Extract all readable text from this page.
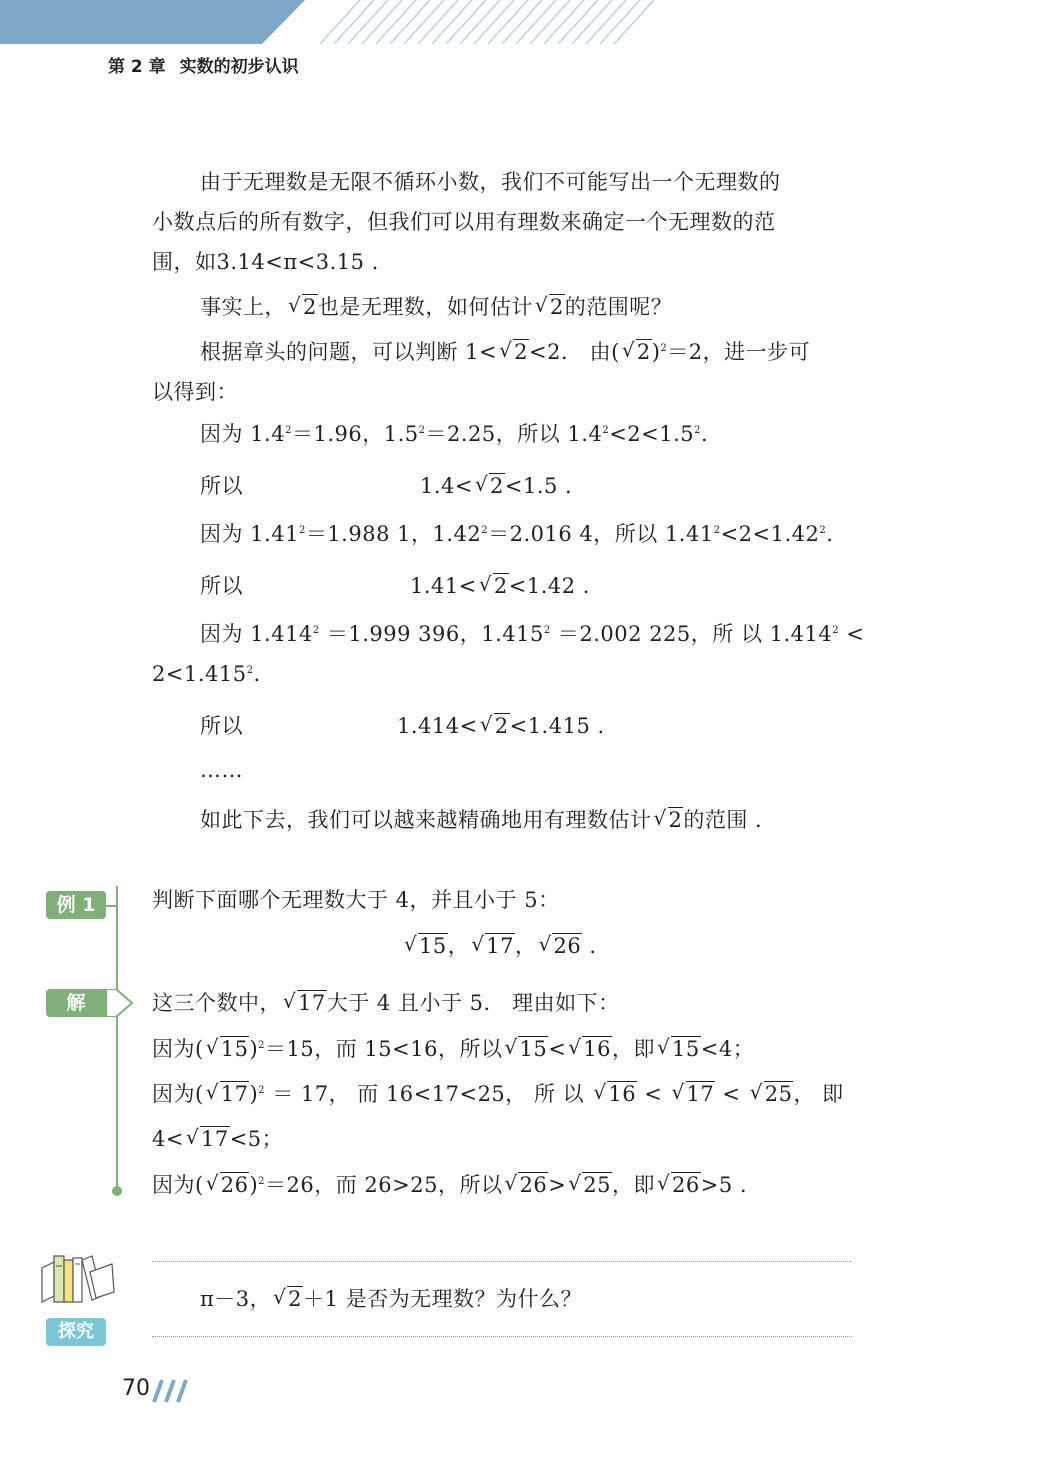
第 2 章 实数的初步认识
由于无理数是无限不循环小数，我们不可能写出一个无理数的
小数点后的所有数字，但我们可以用有理数来确定一个无理数的范
围，如3.14<π<3.15 .
事实上， √ 2也是无理数，如何估计 √ 2的范围呢？
根据章头的问题，可以判断 1< √ 2<2． 由( √ 2)$^2$＝2，进一步可
以得到：
因为 $1.4^2=1.96$，$1.5^2=2.25$，所以 $1.4^2<2<1.5^2$.
所以	1.4< √ 2<1.5 .
因为 $1.41^2=1.988$ 1，$1.42^2=2.016$ 4，所以 $1.41^2<2<1.42^2$.
所以	1.41< √ 2<1.42 .
因为 $1.414^2 =1.999$ 396，$1.415^2 =2.002$ 225，所 以 $1.414^2$ <
$2<1.415^2$.
所以	1.414< √ 2<1.415 .
……
如此下去，我们可以越来越精确地用有理数估计 √ 2的范围 .
例 1
解
判断下面哪个无理数大于 4，并且小于 5：
√ 15， √ 17， √ 26 .
这三个数中， √ 17大于 4 且小于 5． 理由如下：
因为( √ 15)$^2$＝15，而 15<16，所以 √ 15< √ 16，即 √ 15<4；
因为( √ 17)$^2$ ＝ 17， 而 16<17<25， 所 以 √ 16 < √ 17 < √ 25， 即
4< √ 17<5；
因为( √ 26)$^2$＝26，而 26>25，所以 √ 26> √ 25，即 √ 26>5 .
探究
π－3， √ 2＋1 是否为无理数？为什么？
70
